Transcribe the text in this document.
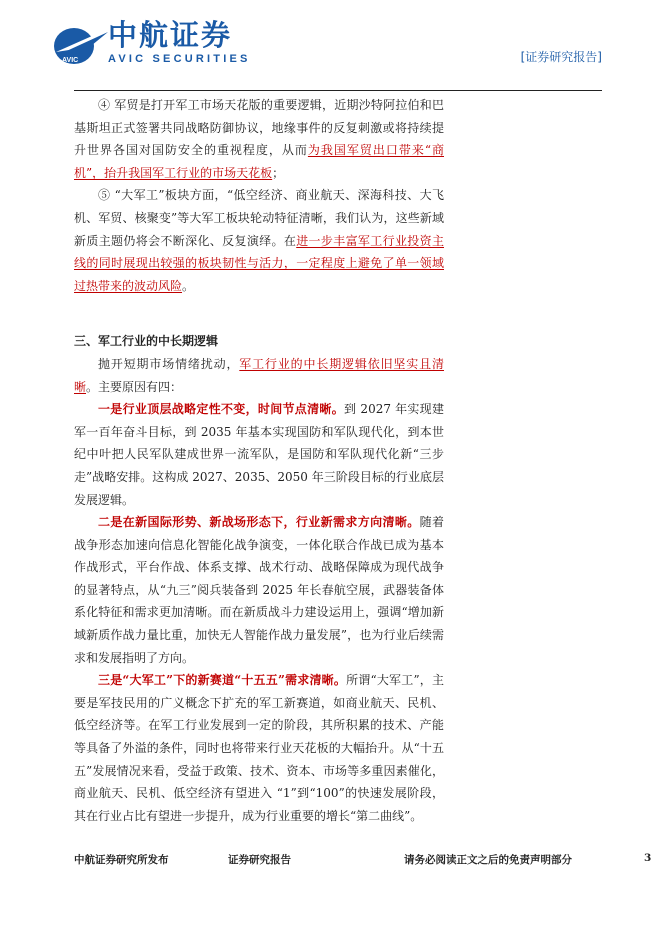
AVIC
中航证券
AVIC SECURITIES	[证券研究报告]

④ 军贸是打开军工市场天花版的重要逻辑，近期沙特阿拉伯和巴基斯坦正式签署共同战略防御协议，地缘事件的反复刺激或将持续提升世界各国对国防安全的重视程度，从而为我国军贸出口带来“商机”，抬升我国军工行业的市场天花板；

⑤ “大军工”板块方面，“低空经济、商业航天、深海科技、大飞机、军贸、核聚变”等大军工板块轮动特征清晰，我们认为，这些新域新质主题仍将会不断深化、反复演绎。在进一步丰富军工行业投资主线的同时展现出较强的板块韧性与活力，一定程度上避免了单一领域过热带来的波动风险。

三、军工行业的中长期逻辑

抛开短期市场情绪扰动，军工行业的中长期逻辑依旧坚实且清晰。主要原因有四：

一是行业顶层战略定性不变，时间节点清晰。到 2027 年实现建军一百年奋斗目标，到 2035 年基本实现国防和军队现代化，到本世纪中叶把人民军队建成世界一流军队，是国防和军队现代化新“三步走”战略安排。这构成 2027、2035、2050 年三阶段目标的行业底层发展逻辑。

二是在新国际形势、新战场形态下，行业新需求方向清晰。随着战争形态加速向信息化智能化战争演变，一体化联合作战已成为基本作战形式，平台作战、体系支撑、战术行动、战略保障成为现代战争的显著特点，从“九三”阅兵装备到 2025 年长春航空展，武器装备体系化特征和需求更加清晰。而在新质战斗力建设运用上，强调“增加新域新质作战力量比重，加快无人智能作战力量发展”，也为行业后续需求和发展指明了方向。

三是“大军工”下的新赛道“十五五”需求清晰。所谓“大军工”，主要是军技民用的广义概念下扩充的军工新赛道，如商业航天、民机、低空经济等。在军工行业发展到一定的阶段，其所积累的技术、产能等具备了外溢的条件，同时也将带来行业天花板的大幅抬升。从“十五五”发展情况来看，受益于政策、技术、资本、市场等多重因素催化，商业航天、民机、低空经济有望进入 “1”到“100”的快速发展阶段，其在行业占比有望进一步提升，成为行业重要的增长“第二曲线”。

中航证券研究所发布	证券研究报告	请务必阅读正文之后的免责声明部分	3
